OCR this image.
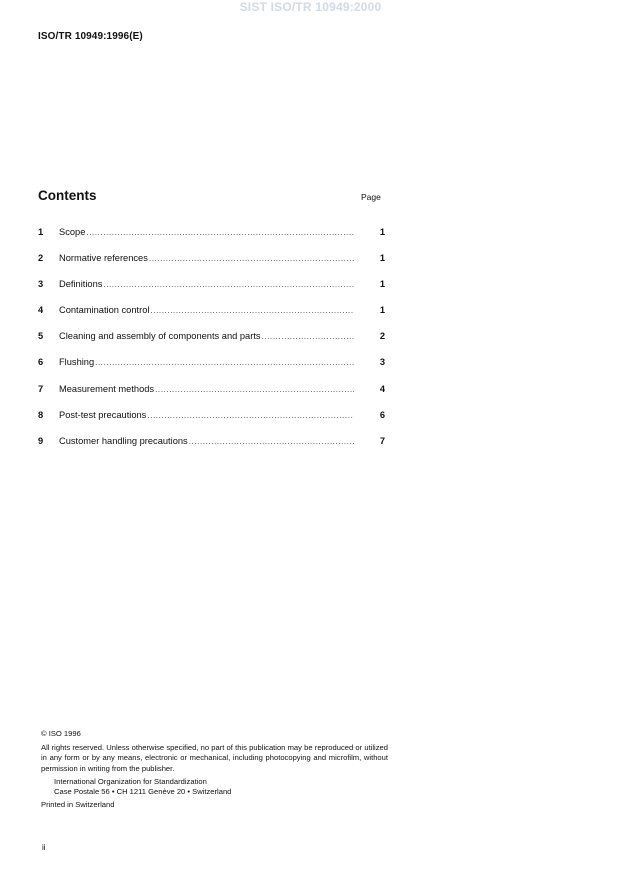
SIST ISO/TR 10949:2000
ISO/TR 10949:1996(E)
Contents	Page
1	Scope .....	1
2	Normative references .....	1
3	Definitions .....	1
4	Contamination control .....	1
5	Cleaning and assembly of components and parts .....	2
6	Flushing .....	3
7	Measurement methods .....	4
8	Post-test precautions .....	6
9	Customer handling precautions .....	7
© ISO 1996
All rights reserved. Unless otherwise specified, no part of this publication may be reproduced or utilized in any form or by any means, electronic or mechanical, including photocopying and microfilm, without permission in writing from the publisher.
International Organization for Standardization
Case Postale 56 • CH 1211 Genève 20 • Switzerland
Printed in Switzerland
ii
